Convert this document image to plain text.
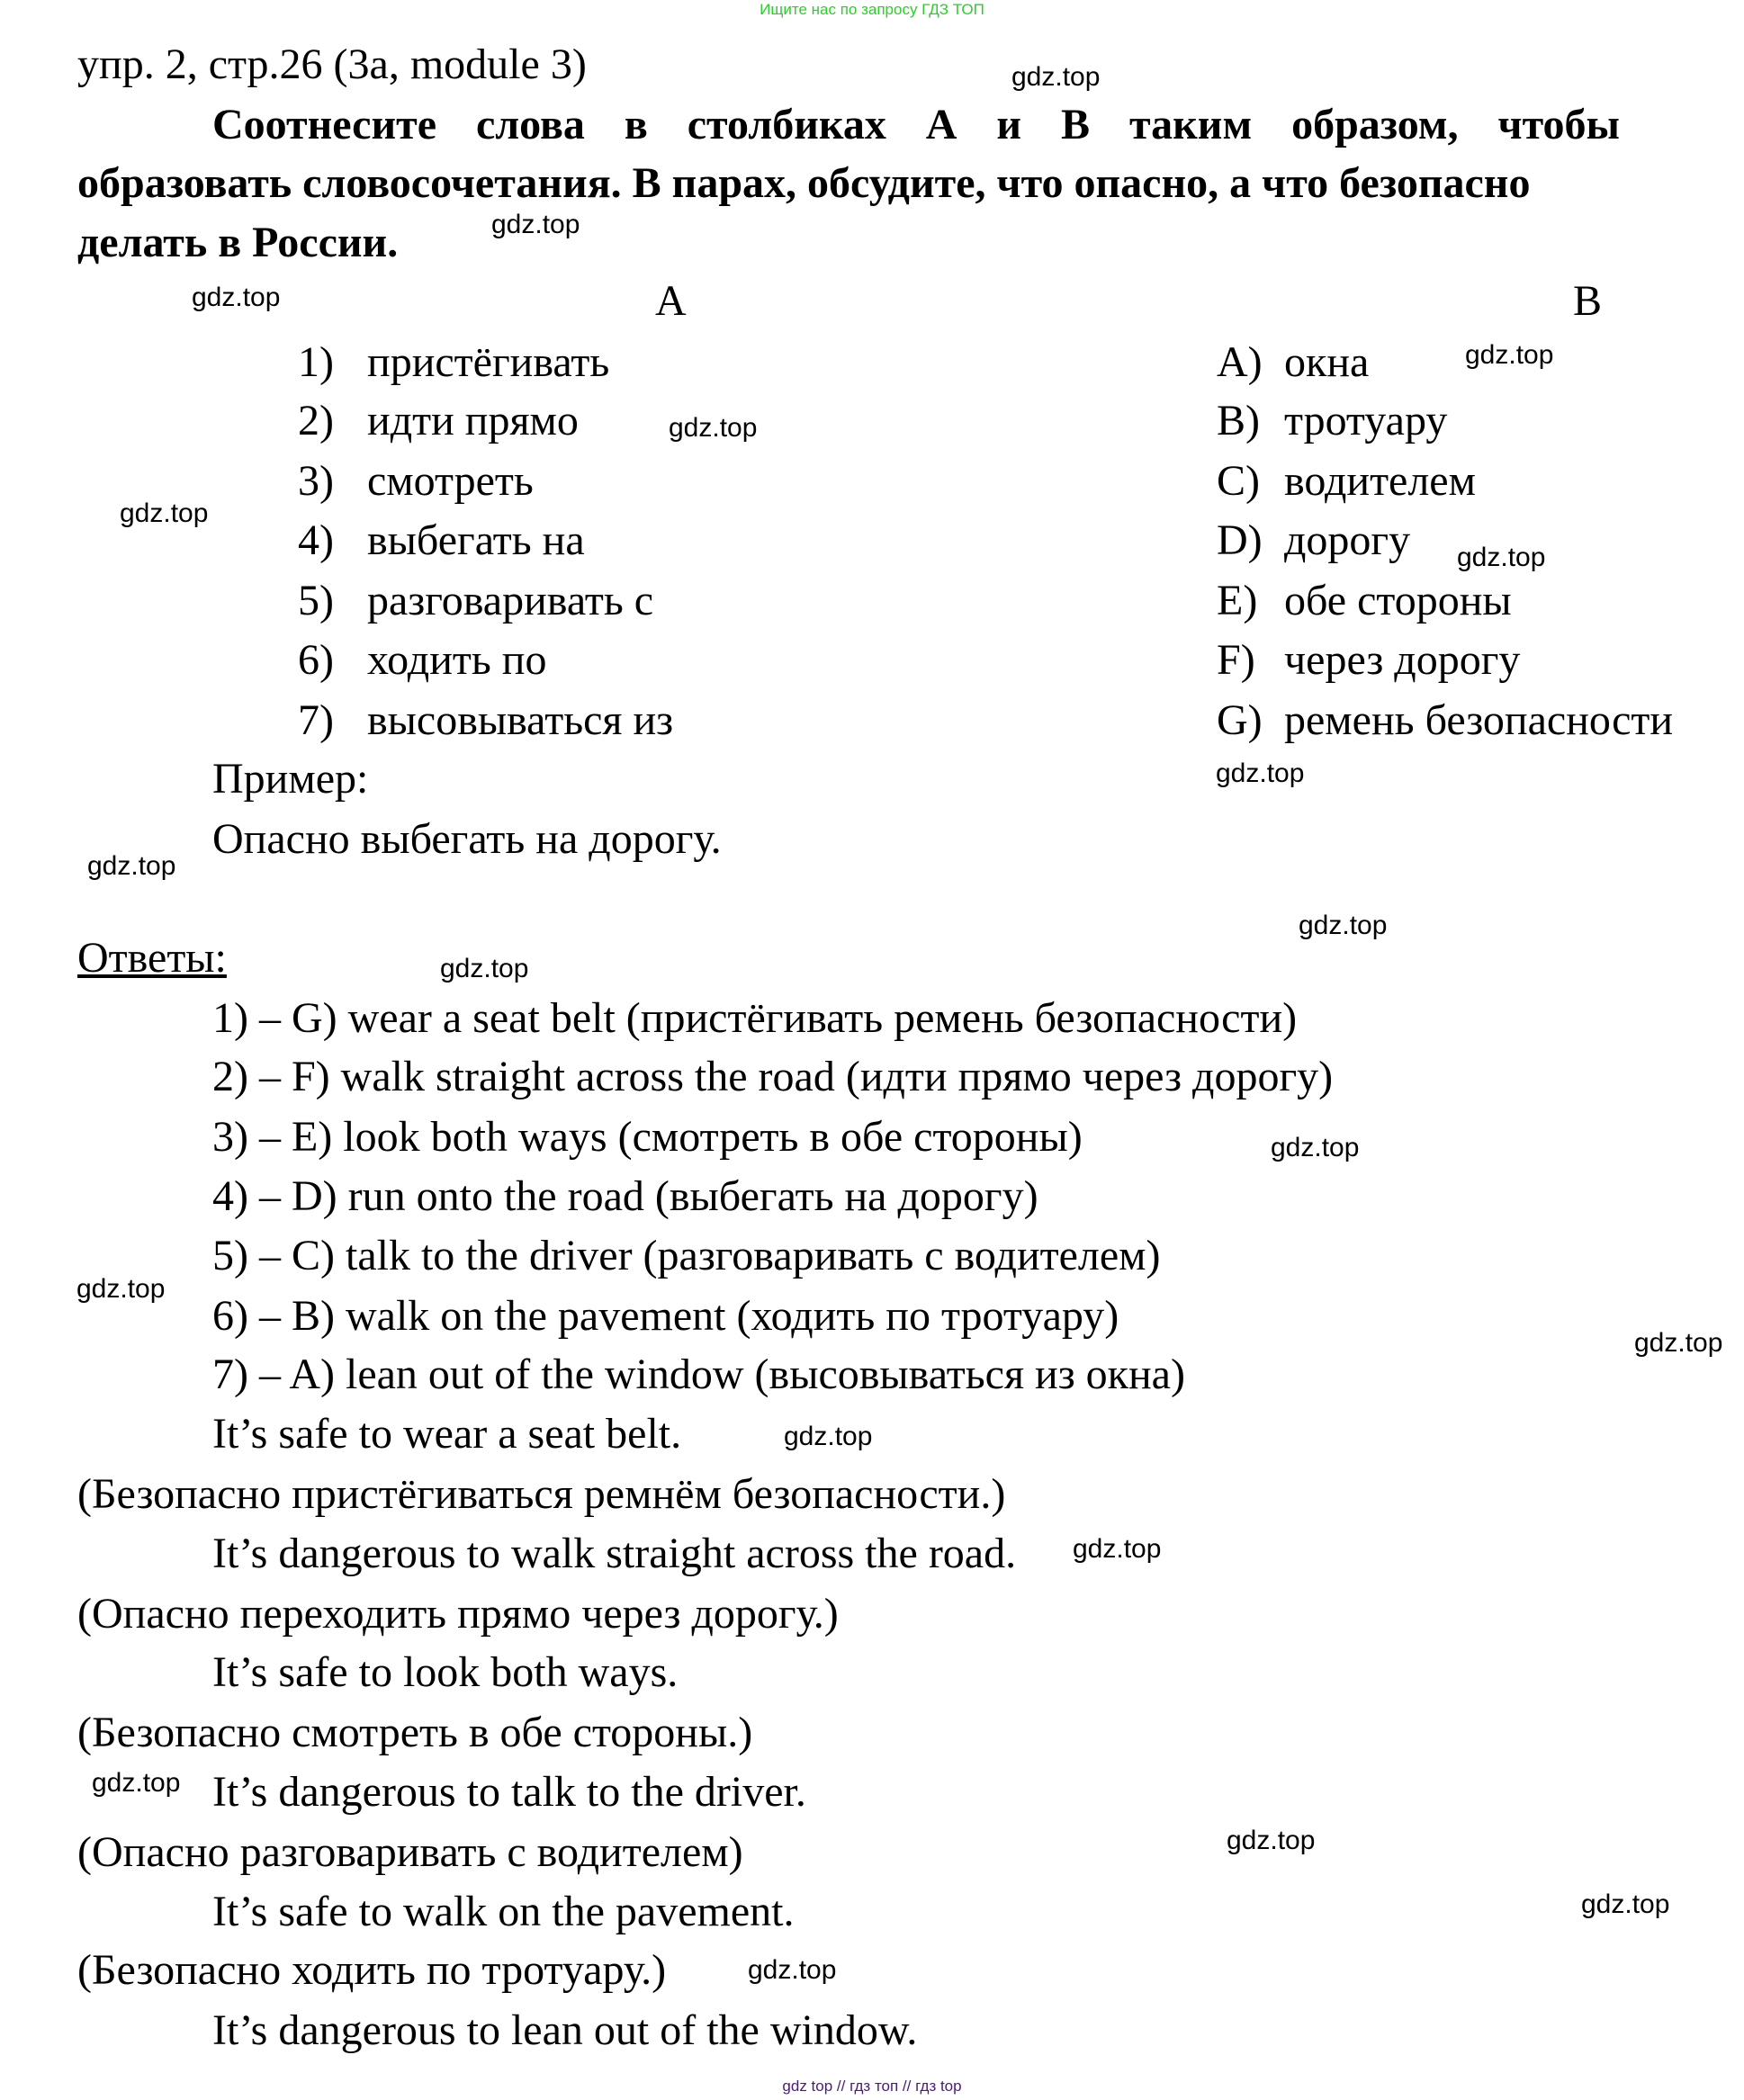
Ищите нас по запросу ГДЗ ТОП
упр. 2, стр.26 (3a, module 3)
Соотнесите слова в столбиках А и В таким образом, чтобы
образовать словосочетания. В парах, обсудите, что опасно, а что безопасно
делать в России.
A	B
1) пристёгивать
2) идти прямо
3) смотреть
4) выбегать на
5) разговаривать с
6) ходить по
7) высовываться из
A) окна
B) тротуару
C) водителем
D) дорогу
E) обе стороны
F) через дорогу
G) ремень безопасности
Пример:
Опасно выбегать на дорогу.
Ответы:
1) – G) wear a seat belt (пристёгивать ремень безопасности)
2) – F) walk straight across the road (идти прямо через дорогу)
3) – E) look both ways (смотреть в обе стороны)
4) – D) run onto the road (выбегать на дорогу)
5) – C) talk to the driver (разговаривать с водителем)
6) – B) walk on the pavement (ходить по тротуару)
7) – A) lean out of the window (высовываться из окна)
It’s safe to wear a seat belt.
(Безопасно пристёгиваться ремнём безопасности.)
It’s dangerous to walk straight across the road.
(Опасно переходить прямо через дорогу.)
It’s safe to look both ways.
(Безопасно смотреть в обе стороны.)
It’s dangerous to talk to the driver.
(Опасно разговаривать с водителем)
It’s safe to walk on the pavement.
(Безопасно ходить по тротуару.)
It’s dangerous to lean out of the window.
gdz.top
gdz.top
gdz.top
gdz.top
gdz.top
gdz.top
gdz.top
gdz.top
gdz.top
gdz.top
gdz.top
gdz.top
gdz.top
gdz.top
gdz.top
gdz.top
gdz.top
gdz.top
gdz.top
gdz.top
gdz top // гдз топ // гдз top
